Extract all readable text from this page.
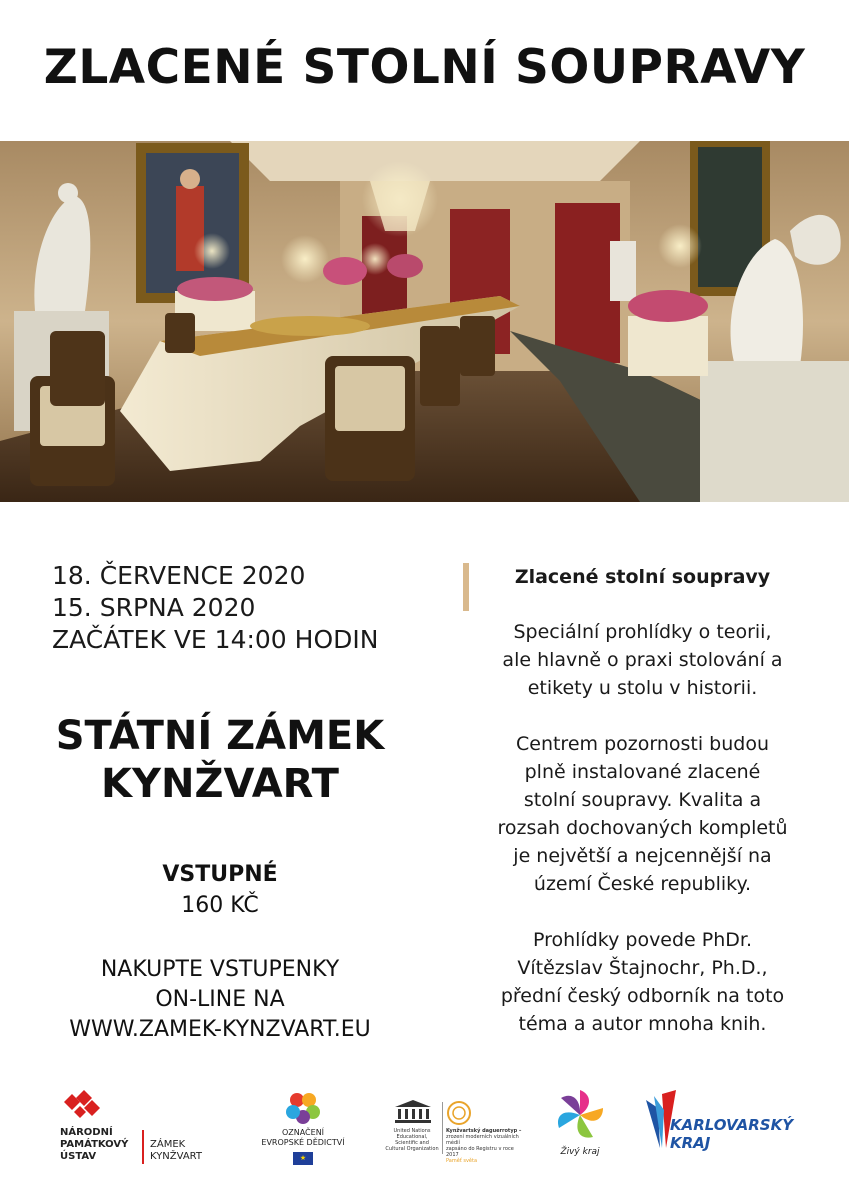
ZLACENÉ STOLNÍ SOUPRAVY
18. ČERVENCE 2020
15. SRPNA 2020
ZAČÁTEK VE 14:00 HODIN
STÁTNÍ ZÁMEK
KYNŽVART
VSTUPNÉ
160 KČ
NAKUPTE VSTUPENKY
ON-LINE NA
WWW.ZAMEK-KYNZVART.EU
Zlacené stolní soupravy
Speciální prohlídky o teorii,
ale hlavně o praxi stolování a
etikety u stolu v historii.
Centrem pozornosti budou
plně instalované zlacené
stolní soupravy. Kvalita a
rozsah dochovaných kompletů
je největší a nejcennější na
území České republiky.
Prohlídky povede PhDr.
Vítězslav Štajnochr, Ph.D.,
přední český odborník na toto
téma a autor mnoha knih.
NÁRODNÍ
PAMÁTKOVÝ
ÚSTAV
ZÁMEK
KYNŽVART
OZNAČENÍ
EVROPSKÉ DĚDICTVÍ
★
United Nations
Educational, Scientific and
Cultural Organization
Kynžvartský daguerrotyp –
zrození moderních vizuálních médií
zapsáno do Registru v roce 2017
Paměť světa
Živý kraj
KARLOVARSKÝ
KRAJ
